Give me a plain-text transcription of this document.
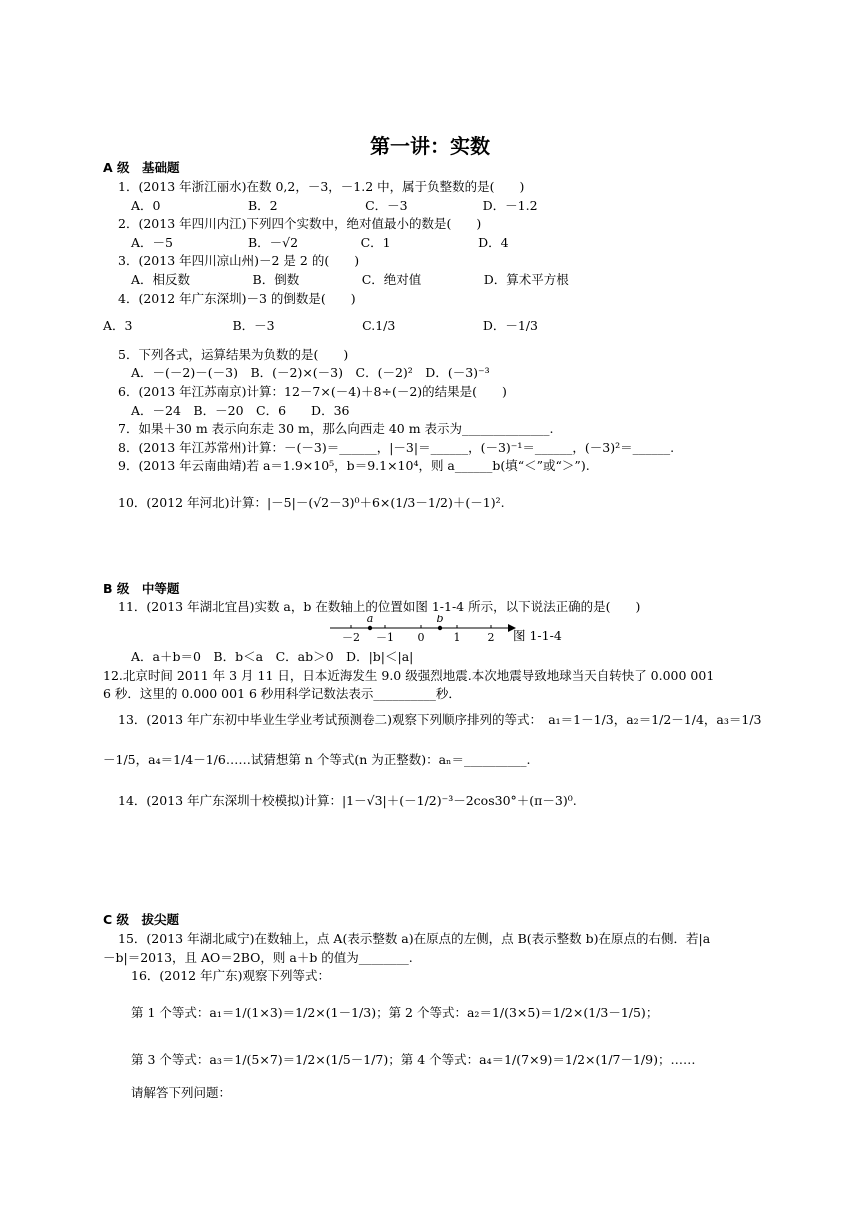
第一讲：实数
A 级　基础题
1．(2013 年浙江丽水)在数 0,2，－3，－1.2 中，属于负整数的是(　　)
A．0　　　　　　　B．2　　　　　　　C．－3　　　　　　D．－1.2
2．(2013 年四川内江)下列四个实数中，绝对值最小的数是(　　)
A．－5　　　　　　B．－√2　　　　　C．1　　　　　　　D．4
3．(2013 年四川凉山州)－2 是 2 的(　　)
A．相反数　　　　　B．倒数　　　　　C．绝对值　　　　　D．算术平方根
4．(2012 年广东深圳)－3 的倒数是(　　)
A．3　　　　　　　　B．－3　　　　　　　C.1/3　　　　　　　D．－1/3
5．下列各式，运算结果为负数的是(　　)
A．－(－2)－(－3)　B．(－2)×(－3)　C．(－2)²　D．(－3)⁻³
6．(2013 年江苏南京)计算：12－7×(－4)＋8÷(－2)的结果是(　　)
A．－24　B．－20　C．6　　D．36
7．如果＋30 m 表示向东走 30 m，那么向西走 40 m 表示为______________.
8．(2013 年江苏常州)计算：－(－3)＝______，|－3|＝______，(－3)⁻¹＝______，(－3)²＝______.
9．(2013 年云南曲靖)若 a＝1.9×10⁵，b＝9.1×10⁴，则 a______b(填“＜”或“＞”).
10．(2012 年河北)计算：|－5|－(√2－3)⁰＋6×(1/3－1/2)＋(－1)².
B 级　中等题
11．(2013 年湖北宜昌)实数 a，b 在数轴上的位置如图 1-1-4 所示，以下说法正确的是(　　)
a	b
－2 －1 0	1 2 图 1-1-4
A．a＋b＝0　B．b＜a　C．ab＞0　D．|b|＜|a|
12.北京时间 2011 年 3 月 11 日，日本近海发生 9.0 级强烈地震.本次地震导致地球当天自转快了 0.000 001
6 秒．这里的 0.000 001 6 秒用科学记数法表示__________秒．
13．(2013 年广东初中毕业生学业考试预测卷二)观察下列顺序排列的等式：　a₁＝1－1/3，a₂＝1/2－1/4，a₃＝1/3
－1/5，a₄＝1/4－1/6……试猜想第 n 个等式(n 为正整数)：aₙ＝__________.
14．(2013 年广东深圳十校模拟)计算：|1－√3|＋(－1/2)⁻³－2cos30°＋(π－3)⁰.
C 级　拔尖题
15．(2013 年湖北咸宁)在数轴上，点 A(表示整数 a)在原点的左侧，点 B(表示整数 b)在原点的右侧．若|a
－b|＝2013，且 AO＝2BO，则 a＋b 的值为________.
16．(2012 年广东)观察下列等式：
第 1 个等式：a₁＝1/(1×3)＝1/2×(1－1/3)；第 2 个等式：a₂＝1/(3×5)＝1/2×(1/3－1/5)；
第 3 个等式：a₃＝1/(5×7)＝1/2×(1/5－1/7)；第 4 个等式：a₄＝1/(7×9)＝1/2×(1/7－1/9)；……
请解答下列问题：
